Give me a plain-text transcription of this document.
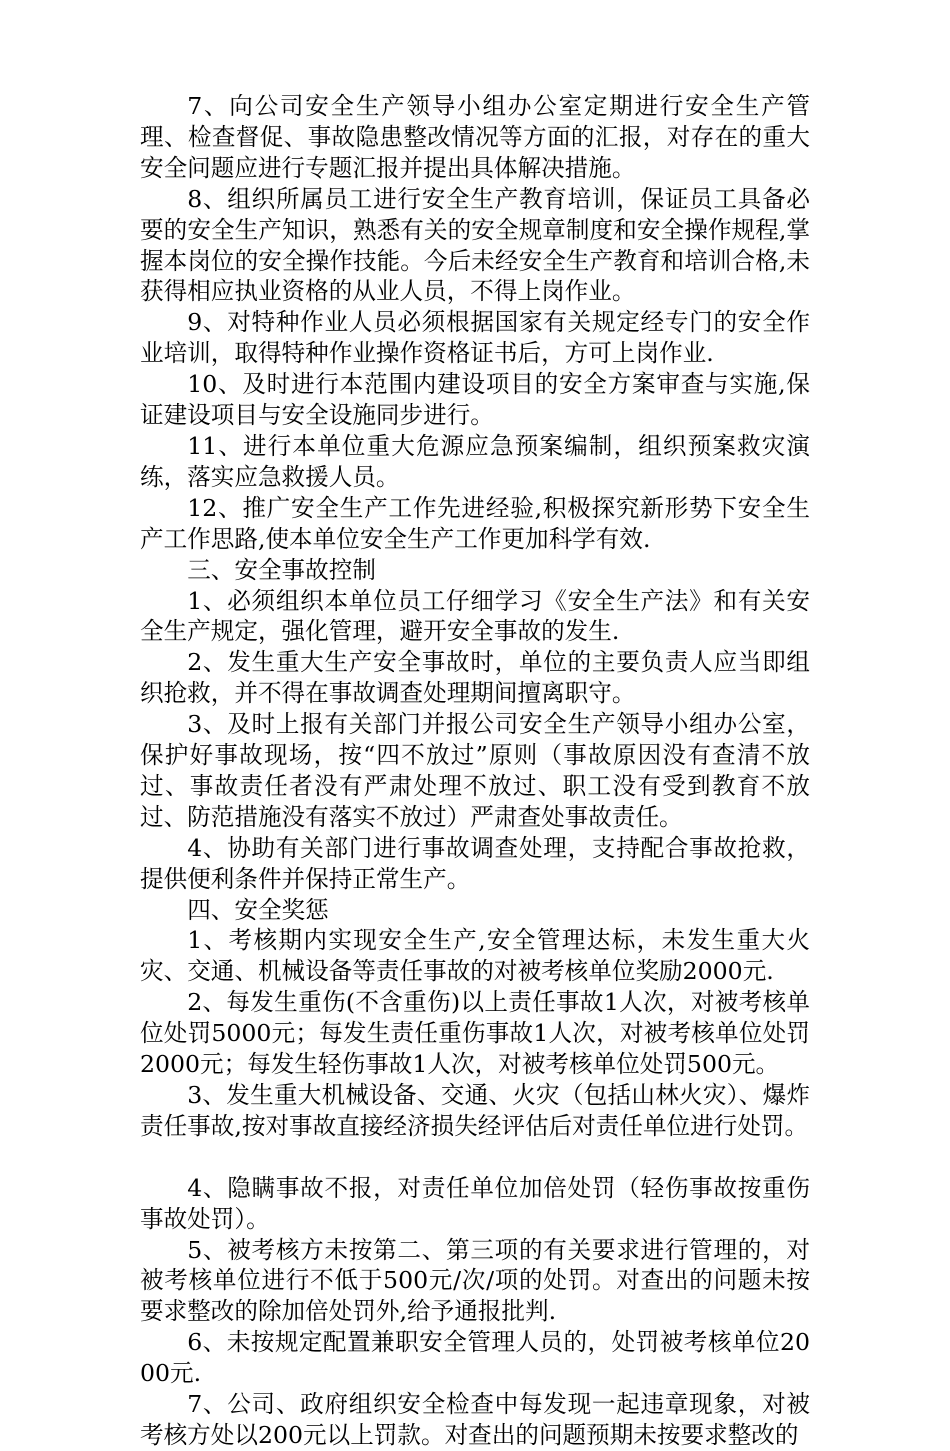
7、向公司安全生产领导小组办公室定期进行安全生产管理、检查督促、事故隐患整改情况等方面的汇报，对存在的重大安全问题应进行专题汇报并提出具体解决措施。

8、组织所属员工进行安全生产教育培训，保证员工具备必要的安全生产知识，熟悉有关的安全规章制度和安全操作规程,掌握本岗位的安全操作技能。今后未经安全生产教育和培训合格,未获得相应执业资格的从业人员，不得上岗作业。

9、对特种作业人员必须根据国家有关规定经专门的安全作业培训，取得特种作业操作资格证书后，方可上岗作业.

10、及时进行本范围内建设项目的安全方案审查与实施,保证建设项目与安全设施同步进行。

11、进行本单位重大危源应急预案编制，组织预案救灾演练，落实应急救援人员。

12、推广安全生产工作先进经验,积极探究新形势下安全生产工作思路,使本单位安全生产工作更加科学有效.

三、安全事故控制

1、必须组织本单位员工仔细学习《安全生产法》和有关安全生产规定，强化管理，避开安全事故的发生.

2、发生重大生产安全事故时，单位的主要负责人应当即组织抢救，并不得在事故调查处理期间擅离职守。

3、及时上报有关部门并报公司安全生产领导小组办公室，保护好事故现场，按“四不放过”原则（事故原因没有查清不放过、事故责任者没有严肃处理不放过、职工没有受到教育不放过、防范措施没有落实不放过）严肃查处事故责任。

4、协助有关部门进行事故调查处理，支持配合事故抢救，提供便利条件并保持正常生产。

四、安全奖惩

1、考核期内实现安全生产,安全管理达标，未发生重大火灾、交通、机械设备等责任事故的对被考核单位奖励2000元.

2、每发生重伤(不含重伤)以上责任事故1人次，对被考核单位处罚5000元；每发生责任重伤事故1人次，对被考核单位处罚2000元；每发生轻伤事故1人次，对被考核单位处罚500元。

3、发生重大机械设备、交通、火灾（包括山林火灾）、爆炸责任事故,按对事故直接经济损失经评估后对责任单位进行处罚。

4、隐瞒事故不报，对责任单位加倍处罚（轻伤事故按重伤事故处罚）。

5、被考核方未按第二、第三项的有关要求进行管理的，对被考核单位进行不低于500元/次/项的处罚。对查出的问题未按要求整改的除加倍处罚外,给予通报批判.

6、未按规定配置兼职安全管理人员的，处罚被考核单位2000元.

7、公司、政府组织安全检查中每发现一起违章现象，对被考核方处以200元以上罚款。对查出的问题预期未按要求整改的
